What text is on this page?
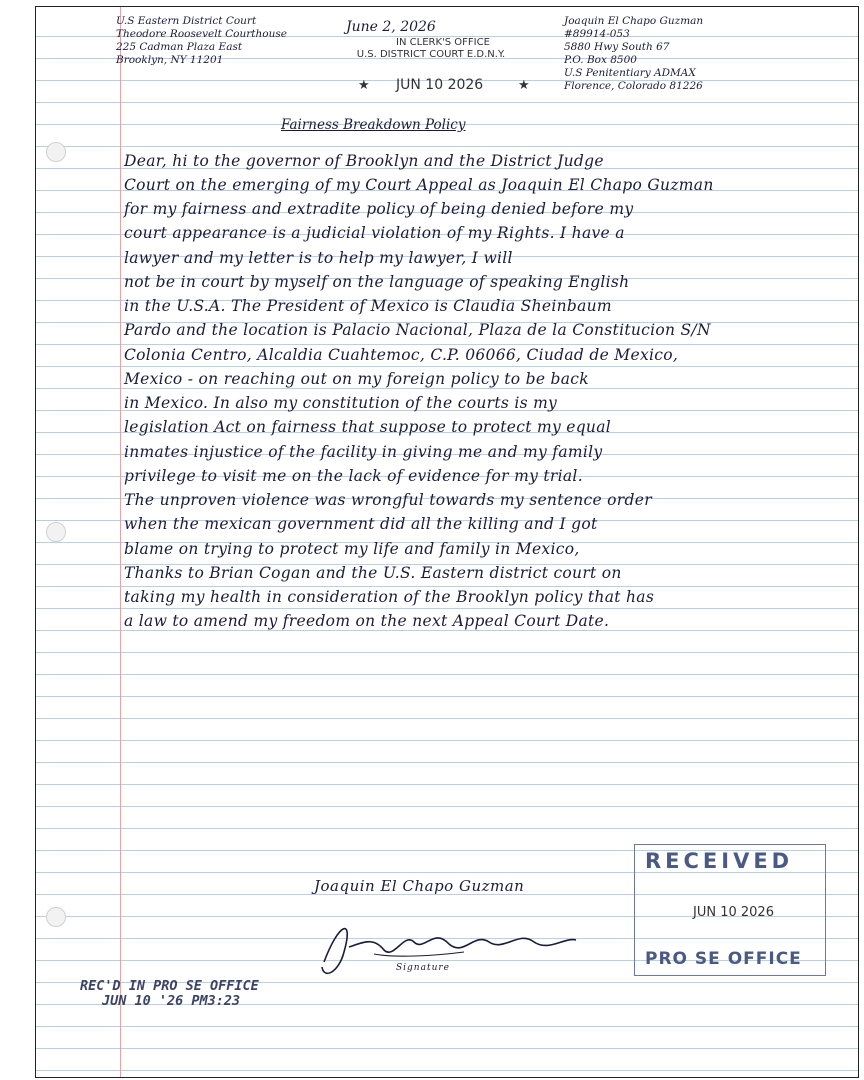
U.S Eastern District Court
Theodore Roosevelt Courthouse
225 Cadman Plaza East
Brooklyn, NY 11201
June 2, 2026
IN CLERK'S OFFICE
U.S. DISTRICT COURT E.D.N.Y.
★ JUN 10 2026	★
Joaquin El Chapo Guzman
#89914-053
5880 Hwy South 67
P.O. Box 8500
U.S Penitentiary ADMAX
Florence, Colorado 81226
Fairness Breakdown Policy
Dear, hi to the governor of Brooklyn and the District Judge
Court on the emerging of my Court Appeal as Joaquin El Chapo Guzman
for my fairness and extradite policy of being denied before my
court appearance is a judicial violation of my Rights. I have a
lawyer and my letter is to help my lawyer, I will
not be in court by myself on the language of speaking English
in the U.S.A. The President of Mexico is Claudia Sheinbaum
Pardo and the location is Palacio Nacional, Plaza de la Constitucion S/N
Colonia Centro, Alcaldia Cuahtemoc, C.P. 06066, Ciudad de Mexico,
Mexico - on reaching out on my foreign policy to be back
in Mexico. In also my constitution of the courts is my
legislation Act on fairness that suppose to protect my equal
inmates injustice of the facility in giving me and my family
privilege to visit me on the lack of evidence for my trial.
The unproven violence was wrongful towards my sentence order
when the mexican government did all the killing and I got
blame on trying to protect my life and family in Mexico,
Thanks to Brian Cogan and the U.S. Eastern district court on
taking my health in consideration of the Brooklyn policy that has
a law to amend my freedom on the next Appeal Court Date.
Joaquin El Chapo Guzman
Signature
RECEIVED
JUN 10 2026
PRO SE OFFICE
REC'D IN PRO SE OFFICE
JUN 10 '26 PM3:23
